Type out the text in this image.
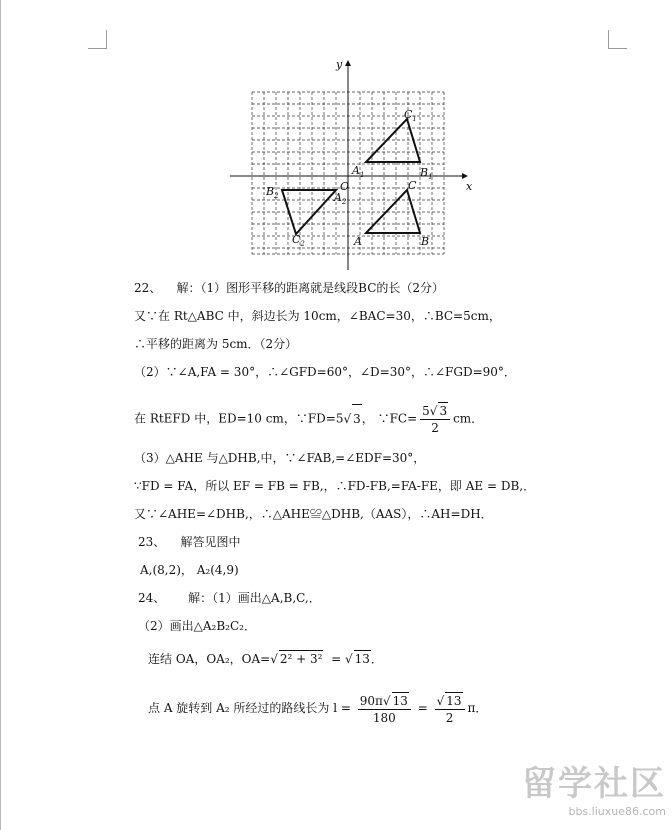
x
y
O
$C_1$
$A_1$	$B_1$
$B_2$	$A_2$
$C_2$
C
A	B
22、 解：（1）图形平移的距离就是线段BC的长（2分）
又∵在 Rt△ABC 中，斜边长为 10cm，∠BAC=30，∴BC=5cm，
∴平移的距离为 5cm．（2分）
（2）∵∠A,FA = 30°，∴∠GFD=60°，∠D=30°，∴∠FGD=90°．
在 RtEFD 中，ED=10 cm，∵FD=5√ 3， ∵FC= $\frac{5√ 3}{2}$ cm．
（3）△AHE 与△DHB,中，∵∠FAB,=∠EDF=30°，
∵FD = FA，所以 EF = FB = FB,，∴FD-FB,=FA-FE，即 AE = DB,．
又∵∠AHE=∠DHB,，∴△AHE≌△DHB,（AAS），∴AH=DH．
23、 解答见图中
A,(8,2)， A₂(4,9)
24、 解：（1）画出△A,B,C,．
（2）画出△A₂B₂C₂．
连结 OA，OA₂，OA=√ 2² + 3² = √ 13．
点 A 旋转到 A₂ 所经过的路线长为 $l = \frac{90\pi√ 13}{180} = \frac{√ 13}{2}$ π．
留学社区
bbs.liuxue86.com
